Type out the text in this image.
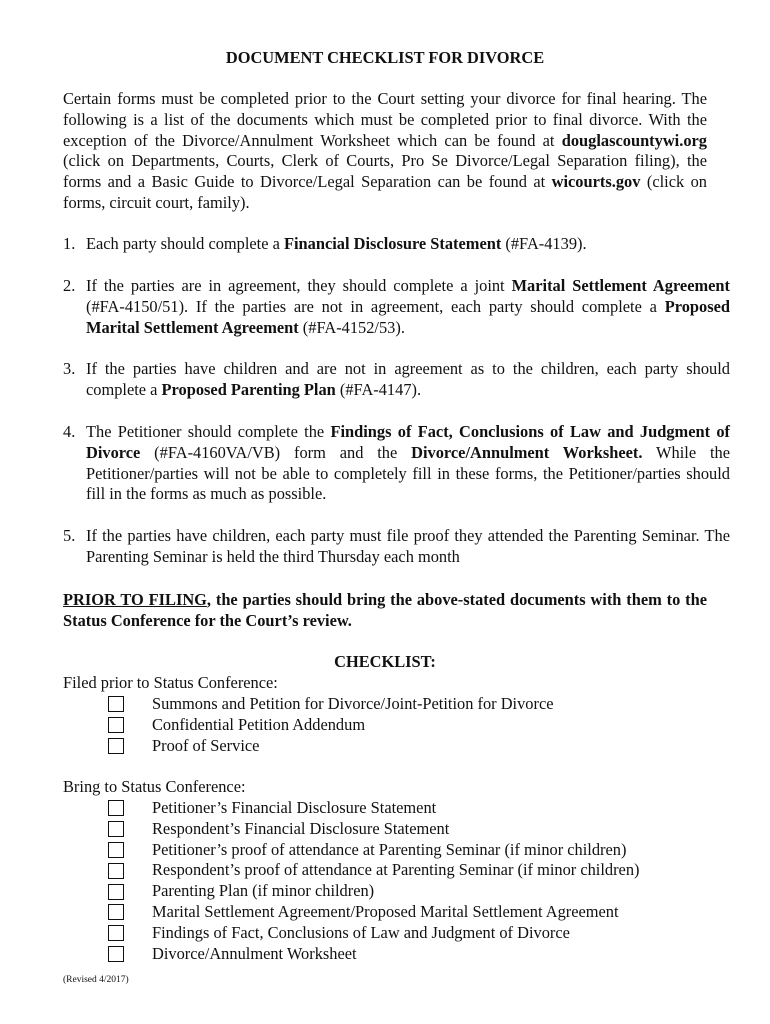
DOCUMENT CHECKLIST FOR DIVORCE

Certain forms must be completed prior to the Court setting your divorce for final hearing. The following is a list of the documents which must be completed prior to final divorce. With the exception of the Divorce/Annulment Worksheet which can be found at douglascountywi.org (click on Departments, Courts, Clerk of Courts, Pro Se Divorce/Legal Separation filing), the forms and a Basic Guide to Divorce/Legal Separation can be found at wicourts.gov (click on forms, circuit court, family).

1. Each party should complete a Financial Disclosure Statement (#FA-4139).

2. If the parties are in agreement, they should complete a joint Marital Settlement Agreement (#FA-4150/51). If the parties are not in agreement, each party should complete a Proposed Marital Settlement Agreement (#FA-4152/53).

3. If the parties have children and are not in agreement as to the children, each party should complete a Proposed Parenting Plan (#FA-4147).

4. The Petitioner should complete the Findings of Fact, Conclusions of Law and Judgment of Divorce (#FA-4160VA/VB) form and the Divorce/Annulment Worksheet. While the Petitioner/parties will not be able to completely fill in these forms, the Petitioner/parties should fill in the forms as much as possible.

5. If the parties have children, each party must file proof they attended the Parenting Seminar. The Parenting Seminar is held the third Thursday each month

PRIOR TO FILING, the parties should bring the above-stated documents with them to the Status Conference for the Court’s review.

CHECKLIST:
Filed prior to Status Conference:
Summons and Petition for Divorce/Joint-Petition for Divorce
Confidential Petition Addendum
Proof of Service
Bring to Status Conference:
Petitioner’s Financial Disclosure Statement
Respondent’s Financial Disclosure Statement
Petitioner’s proof of attendance at Parenting Seminar (if minor children)
Respondent’s proof of attendance at Parenting Seminar (if minor children)
Parenting Plan (if minor children)
Marital Settlement Agreement/Proposed Marital Settlement Agreement
Findings of Fact, Conclusions of Law and Judgment of Divorce
Divorce/Annulment Worksheet
(Revised 4/2017)
